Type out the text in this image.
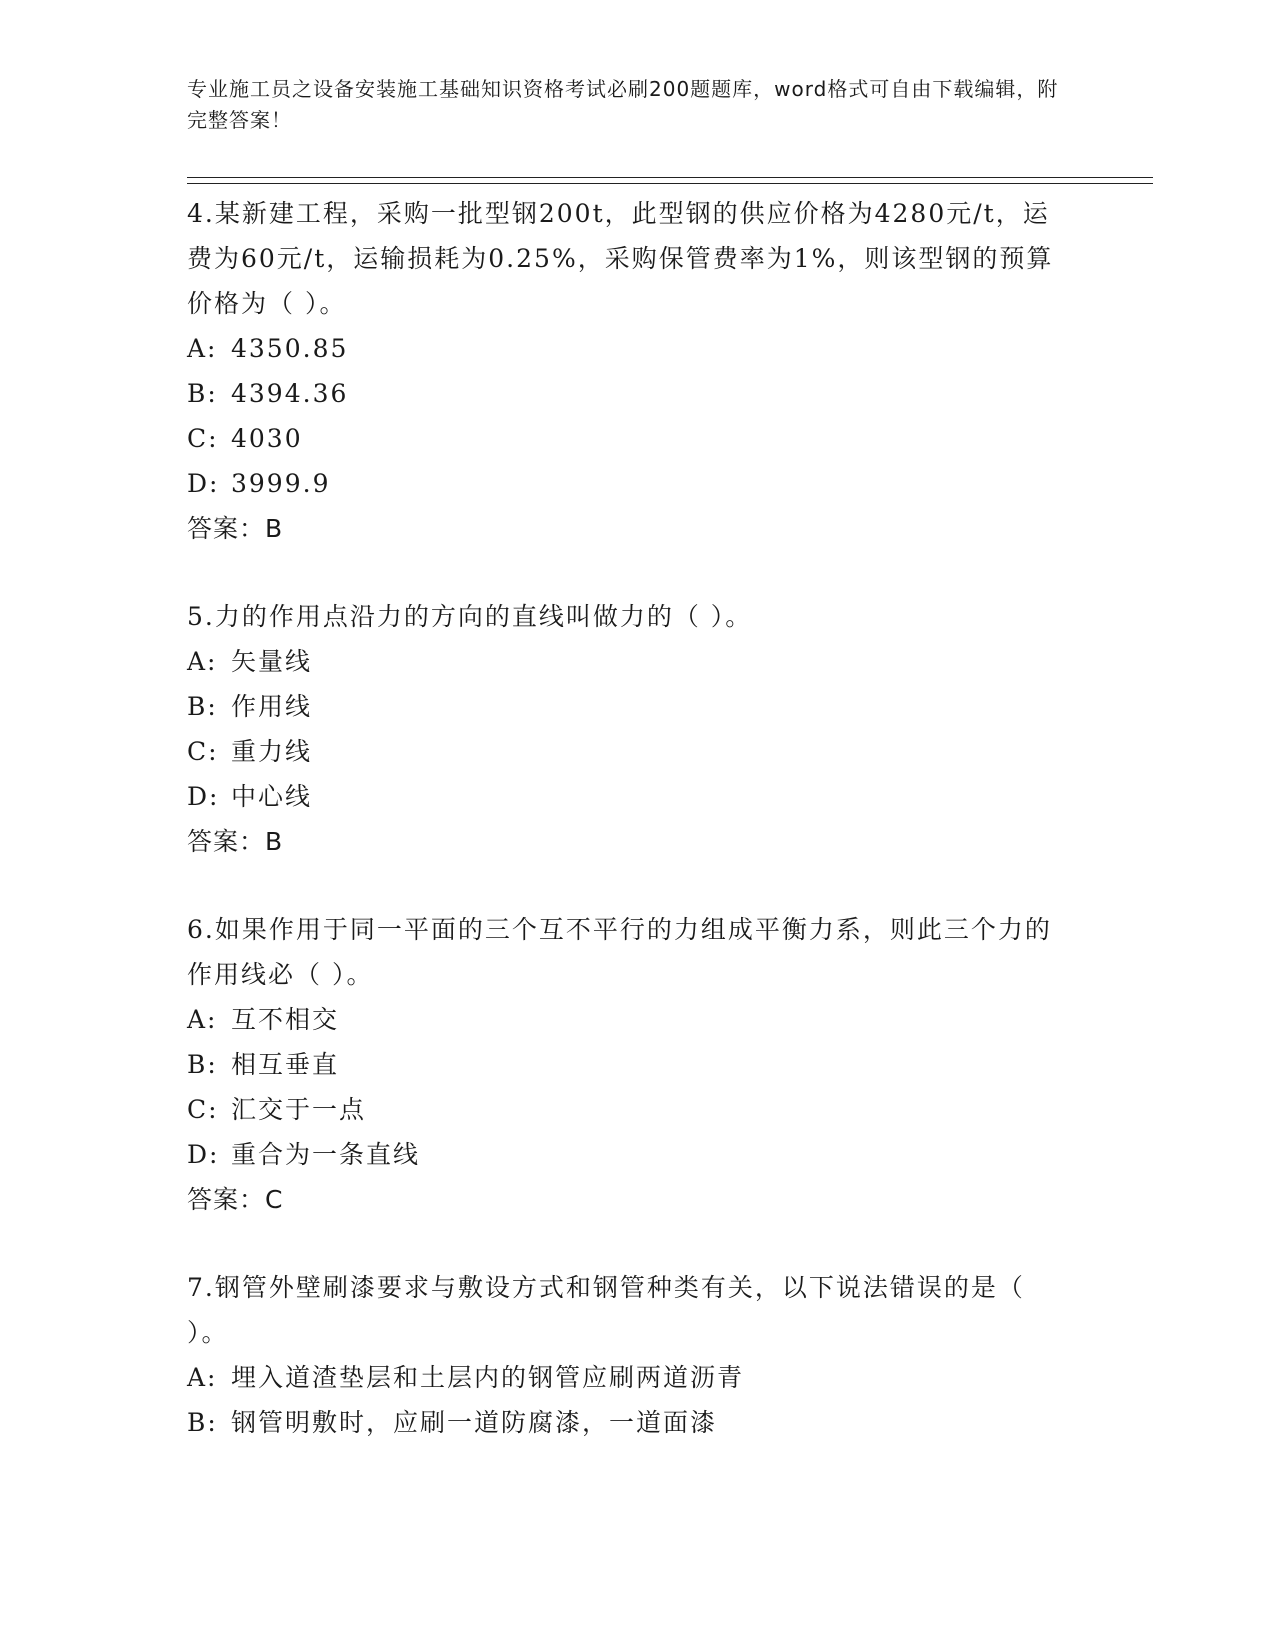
专业施工员之设备安装施工基础知识资格考试必刷200题题库，word格式可自由下载编辑，附完整答案！

4.某新建工程，采购一批型钢200t，此型钢的供应价格为4280元/t，运费为60元/t，运输损耗为0.25%，采购保管费率为1%，则该型钢的预算价格为（ ）。

A: 4350.85
B: 4394.36
C: 4030
D: 3999.9
答案：B

5.力的作用点沿力的方向的直线叫做力的（ ）。

A: 矢量线
B: 作用线
C: 重力线
D: 中心线
答案：B

6.如果作用于同一平面的三个互不平行的力组成平衡力系，则此三个力的作用线必（ ）。

A: 互不相交
B: 相互垂直
C: 汇交于一点
D: 重合为一条直线
答案：C

7.钢管外壁刷漆要求与敷设方式和钢管种类有关，以下说法错误的是（ ）。

A: 埋入道渣垫层和土层内的钢管应刷两道沥青
B: 钢管明敷时，应刷一道防腐漆，一道面漆
